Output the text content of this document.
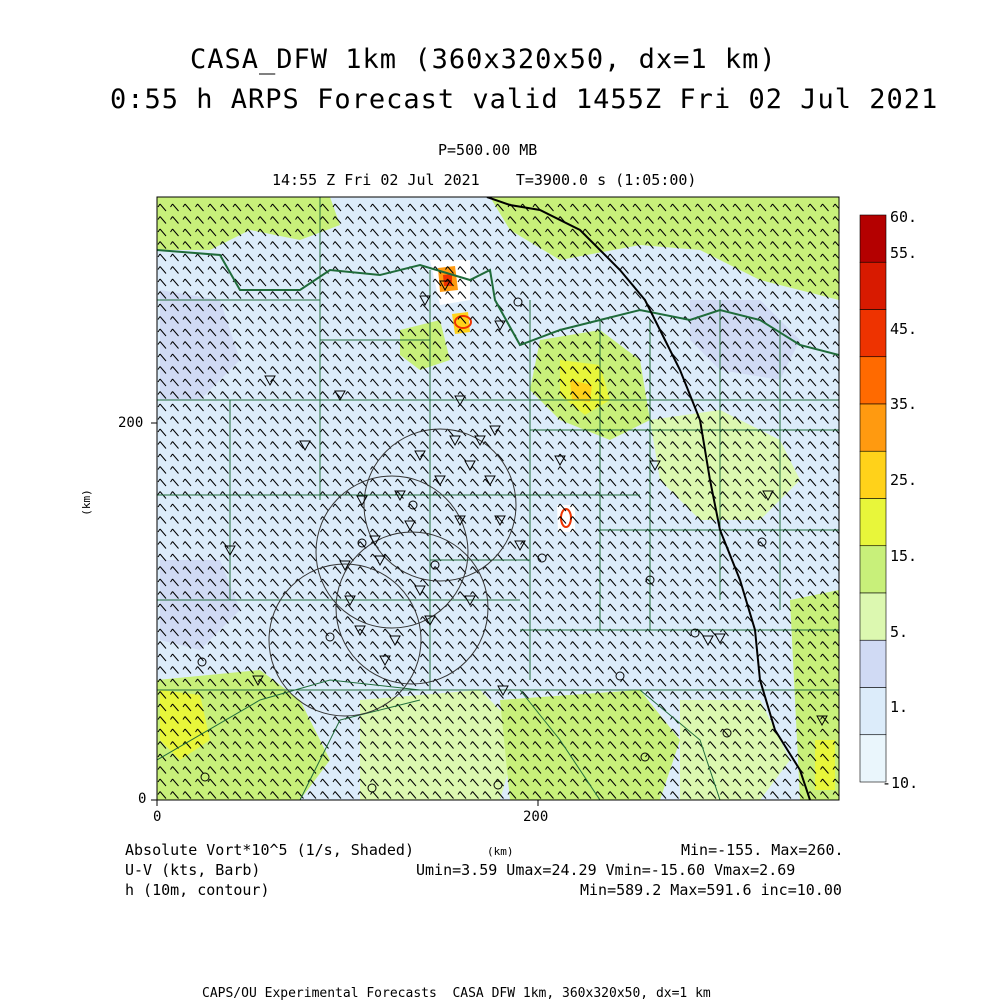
CASA_DFW 1km (360x320x50, dx=1 km)
0:55 h ARPS Forecast valid 1455Z Fri 02 Jul 2021
P=500.00 MB
14:55 Z Fri 02 Jul 2021    T=3900.0 s (1:05:00)
0
200
0	200
(km)
60.
55.
45.
35.
25.
15.
5.
1.
-10.
Absolute Vort*10^5 (1/s, Shaded)	Min=-155. Max=260.
(km)
U-V (kts, Barb)	Umin=3.59 Umax=24.29 Vmin=-15.60 Vmax=2.69
h (10m, contour)	Min=589.2 Max=591.6 inc=10.00
CAPS/OU Experimental Forecasts  CASA DFW 1km, 360x320x50, dx=1 km
